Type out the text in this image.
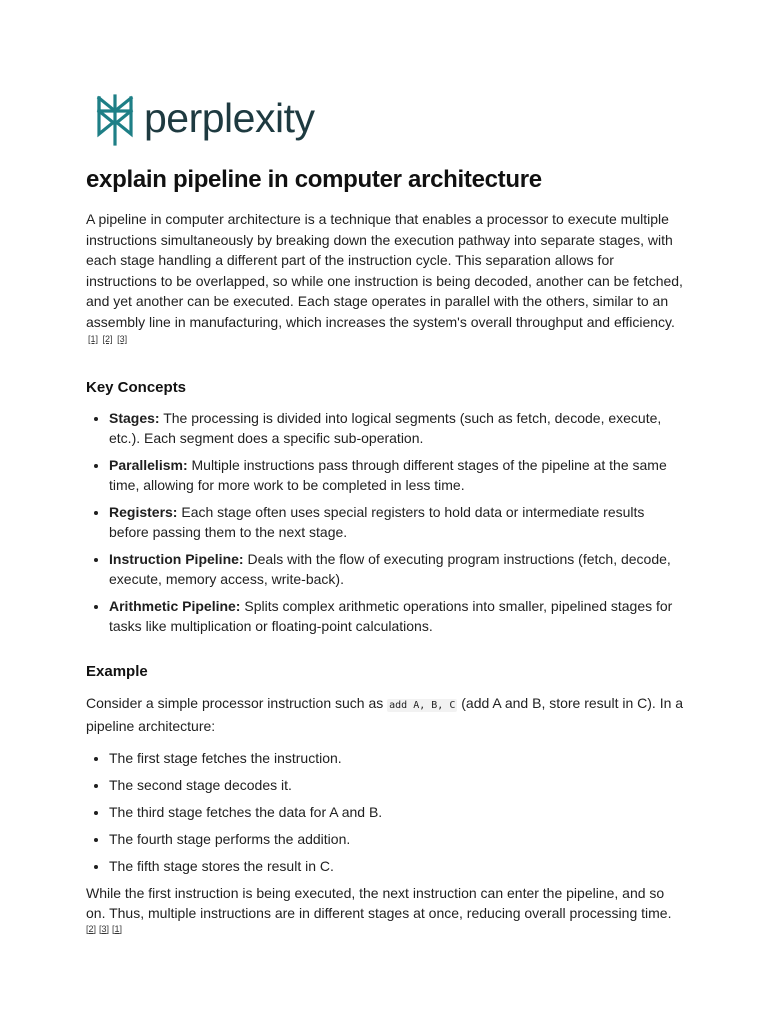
perplexity
explain pipeline in computer architecture

A pipeline in computer architecture is a technique that enables a processor to execute multiple instructions simultaneously by breaking down the execution pathway into separate stages, with each stage handling a different part of the instruction cycle. This separation allows for instructions to be overlapped, so while one instruction is being decoded, another can be fetched, and yet another can be executed. Each stage operates in parallel with the others, similar to an assembly line in manufacturing, which increases the system's overall throughput and efficiency.[1] [2] [3]

Key Concepts
• Stages: The processing is divided into logical segments (such as fetch, decode, execute, etc.). Each segment does a specific sub-operation.
• Parallelism: Multiple instructions pass through different stages of the pipeline at the same time, allowing for more work to be completed in less time.
• Registers: Each stage often uses special registers to hold data or intermediate results before passing them to the next stage.
• Instruction Pipeline: Deals with the flow of executing program instructions (fetch, decode, execute, memory access, write-back).
• Arithmetic Pipeline: Splits complex arithmetic operations into smaller, pipelined stages for tasks like multiplication or floating-point calculations.
Example

Consider a simple processor instruction such as add A, B, C (add A and B, store result in C). In a pipeline architecture:

• The first stage fetches the instruction.
• The second stage decodes it.
• The third stage fetches the data for A and B.
• The fourth stage performs the addition.
• The fifth stage stores the result in C.

While the first instruction is being executed, the next instruction can enter the pipeline, and so on. Thus, multiple instructions are in different stages at once, reducing overall processing time.
[2] [3] [1]
